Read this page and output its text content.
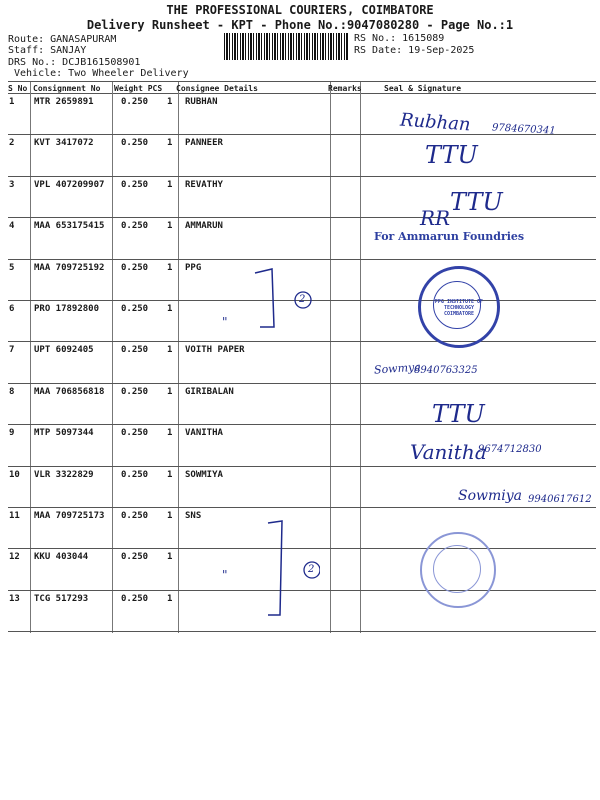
THE PROFESSIONAL COURIERS, COIMBATORE
Delivery Runsheet - KPT - Phone No.:9047080280 - Page No.:1
Route: GANASAPURAM
Staff: SANJAY
DRS No.: DCJB161508901
Vehicle: Two Wheeler Delivery
RS No.: 1615089
RS Date: 19-Sep-2025
S No Consignment No Weight PCS Consignee Details	Remarks	Seal & Signature
1 MTR 2659891	0.250 1 RUBHAN
2 KVT 3417072	0.250 1 PANNEER
3 VPL 407209907 0.250 1 REVATHY
4 MAA 653175415 0.250 1 AMMARUN
5 MAA 709725192 0.250 1 PPG
6 PRO 17892800 0.250 1
7 UPT 6092405	0.250 1 VOITH PAPER
8 MAA 706856818 0.250 1 GIRIBALAN
9 MTP 5097344	0.250 1 VANITHA
10 VLR 3322829	0.250 1 SOWMIYA
11 MAA 709725173 0.250 1 SNS
12 KKU 403044	0.250 1
13 TCG 517293	0.250 1
Rubhan 9784670341
TTU
TTU
RR
For Ammarun Foundries
2
"
PPG INSTITUTE OF TECHNOLOGY COIMBATORE
Sowmya
8940763325
TTU
Vanitha
9674712830
Sowmiya 9940617612
2
"
